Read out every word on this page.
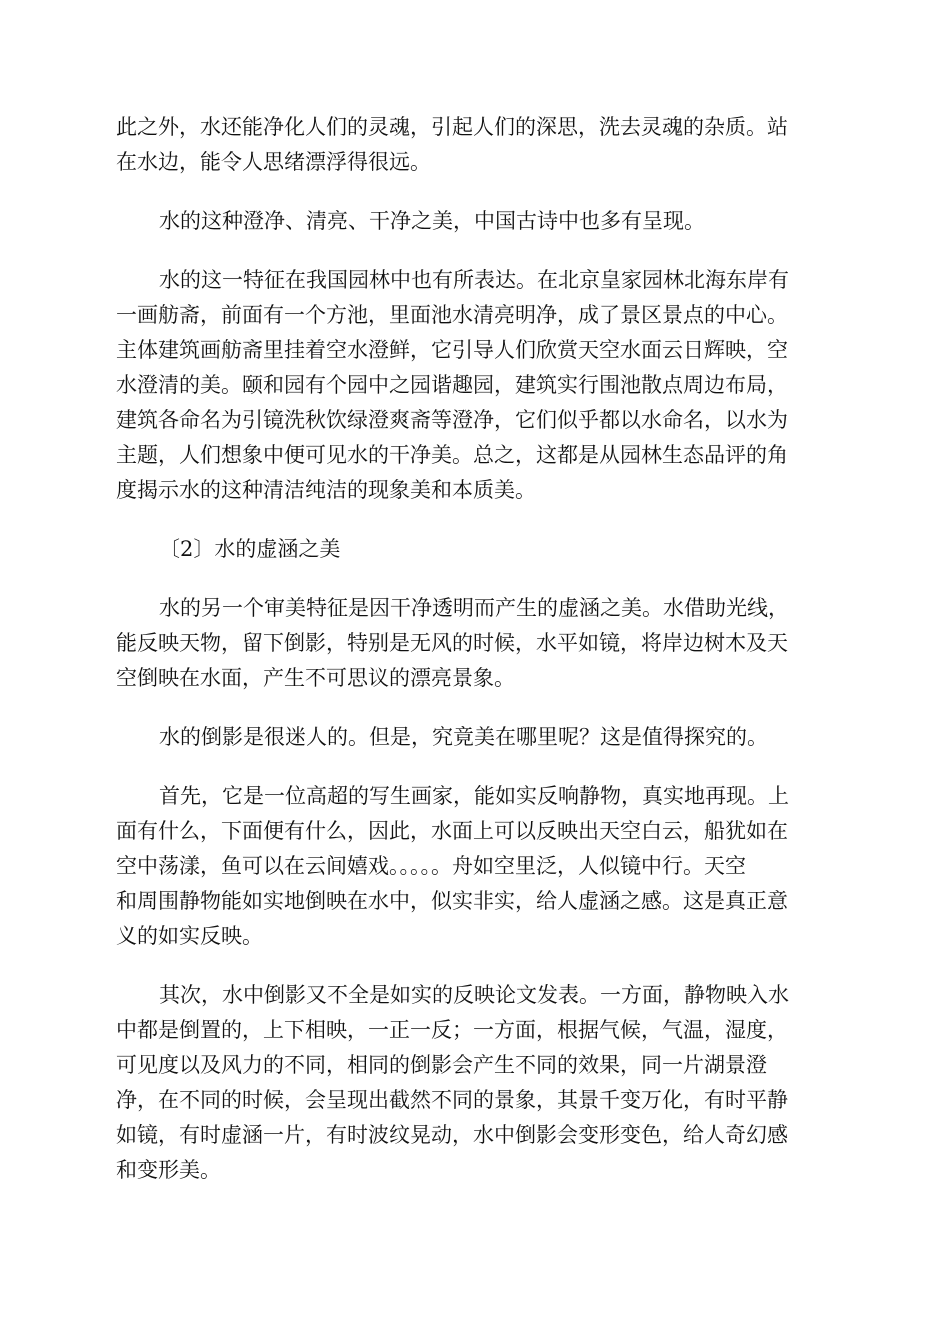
此之外，水还能净化人们的灵魂，引起人们的深思，洗去灵魂的杂质。站
在水边，能令人思绪漂浮得很远。

水的这种澄净、清亮、干净之美，中国古诗中也多有呈现。

水的这一特征在我国园林中也有所表达。在北京皇家园林北海东岸有
一画舫斋，前面有一个方池，里面池水清亮明净，成了景区景点的中心。
主体建筑画舫斋里挂着空水澄鲜，它引导人们欣赏天空水面云日辉映，空
水澄清的美。颐和园有个园中之园谐趣园，建筑实行围池散点周边布局，
建筑各命名为引镜洗秋饮绿澄爽斋等澄净，它们似乎都以水命名，以水为
主题，人们想象中便可见水的干净美。总之，这都是从园林生态品评的角
度揭示水的这种清洁纯洁的现象美和本质美。

〔2〕水的虚涵之美

水的另一个审美特征是因干净透明而产生的虚涵之美。水借助光线，
能反映天物，留下倒影，特别是无风的时候，水平如镜，将岸边树木及天
空倒映在水面，产生不可思议的漂亮景象。

水的倒影是很迷人的。但是，究竟美在哪里呢？这是值得探究的。

首先，它是一位高超的写生画家，能如实反响静物，真实地再现。上
面有什么，下面便有什么，因此，水面上可以反映出天空白云，船犹如在
空中荡漾，鱼可以在云间嬉戏。。。。。舟如空里泛，人似镜中行。天空
和周围静物能如实地倒映在水中，似实非实，给人虚涵之感。这是真正意
义的如实反映。

其次，水中倒影又不全是如实的反映论文发表。一方面，静物映入水
中都是倒置的，上下相映，一正一反；一方面，根据气候，气温，湿度，
可见度以及风力的不同，相同的倒影会产生不同的效果，同一片湖景澄
净，在不同的时候，会呈现出截然不同的景象，其景千变万化，有时平静
如镜，有时虚涵一片，有时波纹晃动，水中倒影会变形变色，给人奇幻感
和变形美。
